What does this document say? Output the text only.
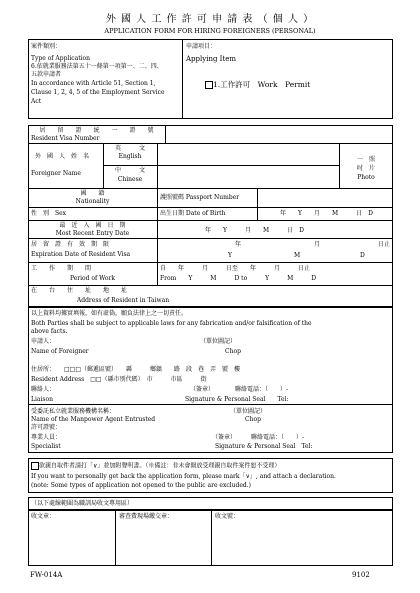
外 國 人 工 作 許 可 申 請 表 （ 個 人 ）
APPLICATION FORM FOR HIRING FOREIGNERS (PERSONAL)
案件類別：
Type of Application
6.依就業服務法第五十一條第一項第一、二、四、
五款申請者
In accordance with Article 51, Section 1,
Clause 1, 2, 4, 5 of the Employment Service
Act
申請項目：
Applying Item
1.工作許可　Work　Permit
居　　留　　證　　統　　一　　證　　號
Resident Visa Number
外　國　人　姓　名
Foreigner Name
英　　　文
English
中　　　文
Chinese
一　照
吋　片
Photo
國　　籍
Nationality
護照號碼 Passport Number
性　別　Sex	出生日期 Date of Birth	年　　Y　　月　　M　　　日　D
最　近　入　國　日　期
Most Recent Entry Date	年　　Y　　　月　　M　　　日　D
居　留　證　有　效　期　限
Expiration Date of Resident Visa
年	月	日止
Y	M	D
工　　作　　期　　間
Period of Work
自　　年　　　月　　　日至　　年　　　月　　　日止
From　　Y　　　M　　　D to　　　Y　　　M　　　D
在　　台　　住　　址　　地　　址
Address of Resident in Taiwan
以上資料均據實填報，如有虛偽，願負法律上之一切責任。
Both Parties shall be subject to applicable laws for any fabrication and/or falsification of the
above facts.
申請人：	（單位圖記）
Name of Foreigner	Chop
住居所：　　□□□（郵遞區號）　　縣　　　鄉鎮　　路　段　巷　弄　號　樓
Resident Address　□□（縣市別代碼）　市　　　市區　　　街
聯絡人：	（簽章）　　　　聯絡電話：（　　）-
Liaison	Signature & Personal Seal　　Tel:
受委託私立就業服務機構名稱：	（單位圖記）
Name of the Manpower Agent Entrusted	Chop
許可證號：
專業人員：	（簽章）　　　聯絡電話：（　　）-
Specialist	Signature & Personal Seal　Tel:
欲親自取件者請打「∨」並加附聲明書。（※備註：非未會開放受理親自取件案件恕不受理）
If you want to personally get back the application form, please mark「∨」, and attach a declaration.
(note: Some types of application not opened to the public are excluded.)
（以下處線範圍為職訓局收文專用區）
收文章：	審查費現場繳交章：	收文號：
FW-014A	9102
